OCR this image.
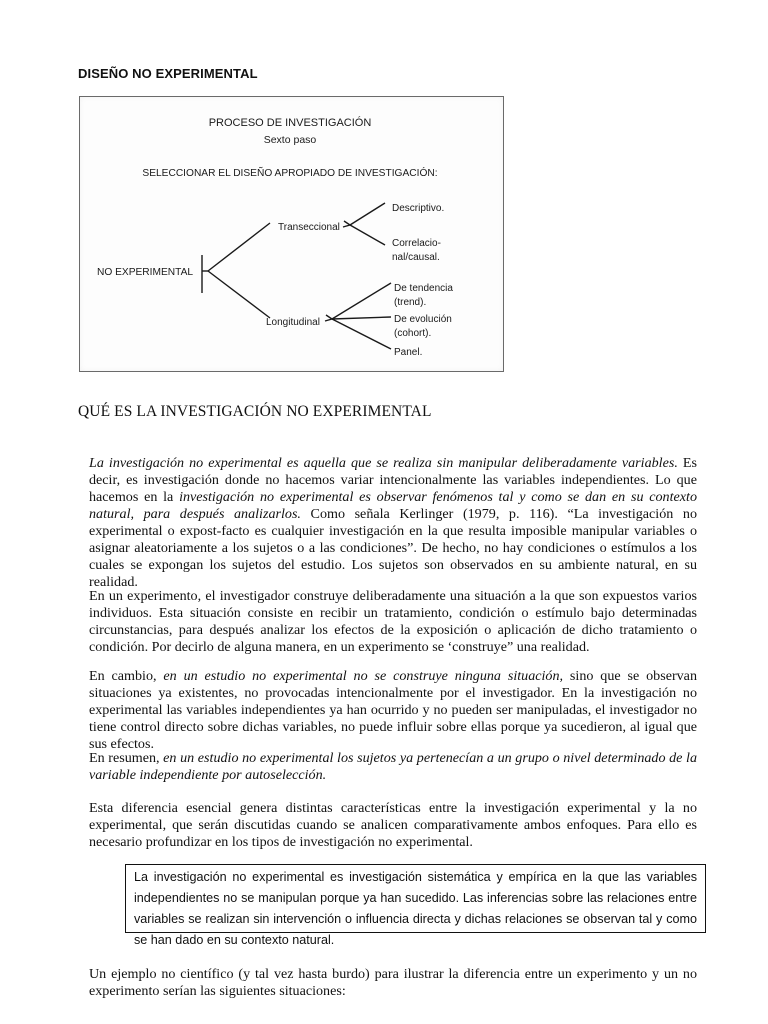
DISEÑO NO EXPERIMENTAL
PROCESO DE INVESTIGACIÓN
Sexto paso
SELECCIONAR EL DISEÑO APROPIADO DE INVESTIGACIÓN:
NO EXPERIMENTAL
Transeccional
Descriptivo.
Correlacio-
nal/causal.
Longitudinal
De tendencia
(trend).
De evolución
(cohort).
Panel.
QUÉ ES LA INVESTIGACIÓN NO EXPERIMENTAL

La investigación no experimental es aquella que se realiza sin manipular deliberadamente variables. Es decir, es investigación donde no hacemos variar intencionalmente las variables independientes. Lo que hacemos en la investigación no experimental es observar fenómenos tal y como se dan en su contexto natural, para después analizarlos. Como señala Kerlinger (1979, p. 116). “La investigación no experimental o expost-facto es cualquier investigación en la que resulta imposible manipular variables o asignar aleatoriamente a los sujetos o a las condiciones”. De hecho, no hay condiciones o estímulos a los cuales se expongan los sujetos del estudio. Los sujetos son observados en su ambiente natural, en su realidad.

En un experimento, el investigador construye deliberadamente una situación a la que son expuestos varios individuos. Esta situación consiste en recibir un tratamiento, condición o estímulo bajo determinadas circunstancias, para después analizar los efectos de la exposición o aplicación de dicho tratamiento o condición. Por decirlo de alguna manera, en un experimento se ‘construye” una realidad.

En cambio, en un estudio no experimental no se construye ninguna situación, sino que se observan situaciones ya existentes, no provocadas intencionalmente por el investigador. En la investigación no experimental las variables independientes ya han ocurrido y no pueden ser manipuladas, el investigador no tiene control directo sobre dichas variables, no puede influir sobre ellas porque ya sucedieron, al igual que sus efectos.

En resumen, en un estudio no experimental los sujetos ya pertenecían a un grupo o nivel determinado de la variable independiente por autoselección.

Esta diferencia esencial genera distintas características entre la investigación experimental y la no experimental, que serán discutidas cuando se analicen comparativamente ambos enfoques. Para ello es necesario profundizar en los tipos de investigación no experimental.

La investigación no experimental es investigación sistemática y empírica en la que las variables independientes no se manipulan porque ya han sucedido. Las inferencias sobre las relaciones entre variables se realizan sin intervención o influencia directa y dichas relaciones se observan tal y como se han dado en su contexto natural.

Un ejemplo no científico (y tal vez hasta burdo) para ilustrar la diferencia entre un experimento y un no experimento serían las siguientes situaciones:
